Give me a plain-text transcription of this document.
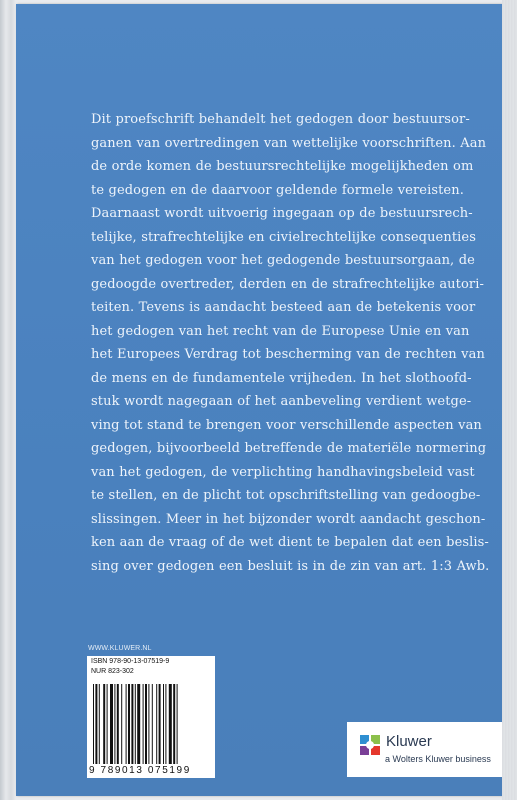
Dit proefschrift behandelt het gedogen door bestuursor-
ganen van overtredingen van wettelijke voorschriften. Aan
de orde komen de bestuursrechtelijke mogelijkheden om
te gedogen en de daarvoor geldende formele vereisten.
Daarnaast wordt uitvoerig ingegaan op de bestuursrech-
telijke, strafrechtelijke en civielrechtelijke consequenties
van het gedogen voor het gedogende bestuursorgaan, de
gedoogde overtreder, derden en de strafrechtelijke autori-
teiten. Tevens is aandacht besteed aan de betekenis voor
het gedogen van het recht van de Europese Unie en van
het Europees Verdrag tot bescherming van de rechten van
de mens en de fundamentele vrijheden. In het slothoofd-
stuk wordt nagegaan of het aanbeveling verdient wetge-
ving tot stand te brengen voor verschillende aspecten van
gedogen, bijvoorbeeld betreffende de materiële normering
van het gedogen, de verplichting handhavingsbeleid vast
te stellen, en de plicht tot opschriftstelling van gedoogbe-
slissingen. Meer in het bijzonder wordt aandacht geschon-
ken aan de vraag of de wet dient te bepalen dat een beslis-
sing over gedogen een besluit is in de zin van art. 1:3 Awb.

WWW.KLUWER.NL
ISBN 978-90-13-07519-9
NUR 823-302
9 789013 075199
Kluwer
a Wolters Kluwer business
